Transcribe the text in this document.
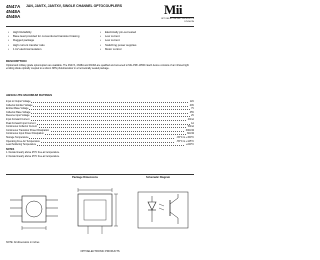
4N47A
4N48A
4N49A
JAN, JANTX, JANTXV, SINGLE CHANNEL OPTOCOUPLERS	Mii
OPTOELECTRONIC PRODUCTS
DIVISION
• High Reliability
• Base lead provided for conventional transistor biasing
• Rugged package
• High current transfer ratio
• 1 kV electrical isolation
• Electrically pin-out tested
• Low current
• Low current
• Switching power supplies
• Motor control
DESCRIPTION
Optical and military-grade optocouplers are available. The 4N47A, 4N48A and 4N49A are qualified and screened to MIL-PRF-19500. Each device consists of an infrared light emitting diode optically coupled to a silicon NPN phototransistor in a hermetically sealed package.
ABSOLUTE MAXIMUM RATINGS
Input to Output Voltage	1kV
Collector-Emitter Voltage	40V
Emitter-Base Voltage	7V
Collector-Base Voltage	45V
Reverse Input Voltage	2V
Input Forward Current	40mA
Peak Forward Input Current	1A
Continuous Collector Current	50mA
Continuous Transistor Power Dissipation	300mW
Continuous Input Power Dissipation	60mW
Storage Temperature	-65°C to +150°C
Operating Free-Air Temperature	-55°C to +125°C
Lead Soldering Temperature	+240°C
NOTES
1. Derate linearly above 25°C free-air temperature.
2. Derate linearly above 25°C free-air temperature.
Package Dimensions	Schematic Diagram
NOTE: All dimensions in inches
OPTOELECTRONIC PRODUCTS
